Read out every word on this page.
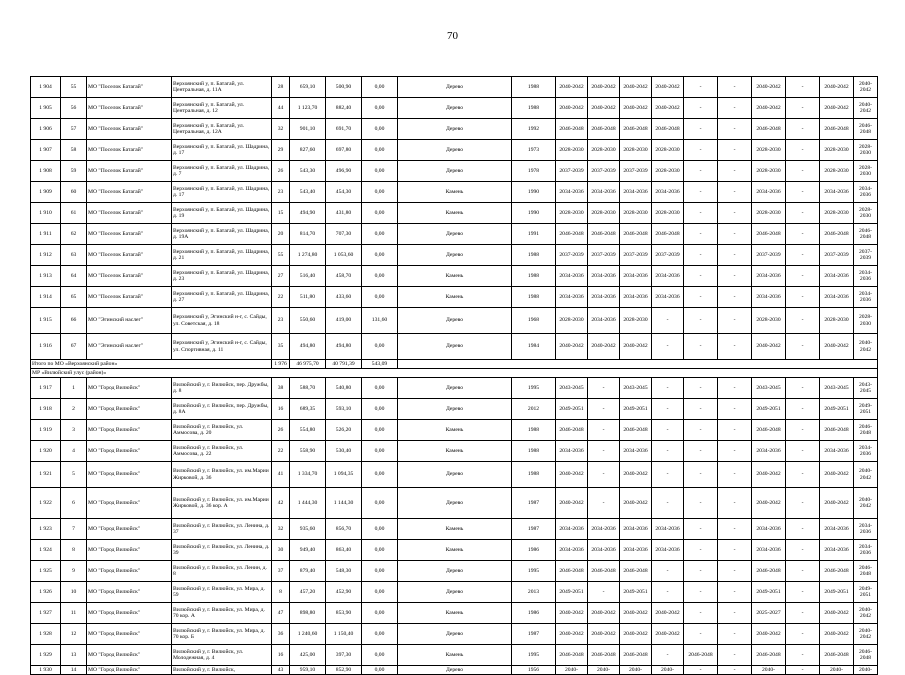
70
1 904	55	МО "Поселок Батагай"	Верхоянский у, п. Батагай, ул. Центральная, д. 11А	28	659,10	500,90	0,00	Дерево	1988	2040-2042	2040-2042	2040-2042	2040-2042	-	-	2040-2042	-	2040-2042	2040-2042
1 905	56	МО "Поселок Батагай"	Верхоянский у, п. Батагай, ул. Центральная, д. 12	44	1 123,70	882,40	0,00	Дерево	1988	2040-2042	2040-2042	2040-2042	2040-2042	-	-	2040-2042	-	2040-2042	2040-2042
1 906	57	МО "Поселок Батагай"	Верхоянский у, п. Батагай, ул. Центральная, д. 12А	32	901,10	691,70	0,00	Дерево	1992	2046-2048	2046-2048	2046-2048	2046-2048	-	-	2046-2048	-	2046-2048	2046-2048
1 907	58	МО "Поселок Батагай"	Верхоянский у, п. Батагай, ул. Шадрина, д. 17	29	827,60	697,80	0,00	Дерево	1973	2028-2030	2028-2030	2028-2030	2028-2030	-	-	2028-2030	-	2028-2030	2028-2030
1 908	59	МО "Поселок Батагай"	Верхоянский у, п. Батагай, ул. Шадрина, д. 7	26	543,30	496,90	0,00	Дерево	1978	2037-2039	2037-2039	2037-2039	2028-2030	-	-	2028-2030	-	2028-2030	2028-2030
1 909	60	МО "Поселок Батагай"	Верхоянский у, п. Батагай, ул. Шадрина, д. 17	23	543,40	454,30	0,00	Камень	1990	2034-2036	2034-2036	2034-2036	2034-2036	-	-	2034-2036	-	2034-2036	2034-2036
1 910	61	МО "Поселок Батагай"	Верхоянский у, п. Батагай, ул. Шадрина, д. 19	15	494,90	431,80	0,00	Камень	1990	2028-2030	2028-2030	2028-2030	2028-2030	-	-	2028-2030	-	2028-2030	2028-2030
1 911	62	МО "Поселок Батагай"	Верхоянский у, п. Батагай, ул. Шадрина, д. 19А	20	814,70	707,30	0,00	Дерево	1991	2046-2048	2046-2048	2046-2048	2046-2048	-	-	2046-2048	-	2046-2048	2046-2048
1 912	63	МО "Поселок Батагай"	Верхоянский у, п. Батагай, ул. Шадрина, д. 21	55	1 274,80	1 053,60	0,00	Дерево	1988	2037-2039	2037-2039	2037-2039	2037-2039	-	-	2037-2039	-	2037-2039	2037-2039
1 913	64	МО "Поселок Батагай"	Верхоянский у, п. Батагай, ул. Шадрина, д. 23	27	516,40	458,70	0,00	Камень	1988	2034-2036	2034-2036	2034-2036	2034-2036	-	-	2034-2036	-	2034-2036	2034-2036
1 914	65	МО "Поселок Батагай"	Верхоянский у, п. Батагай, ул. Шадрина, д. 27	22	511,80	433,60	0,00	Камень	1988	2034-2036	2034-2036	2034-2036	2034-2036	-	-	2034-2036	-	2034-2036	2034-2036
1 915	66	МО "Эгинский наслег"	Верхоянский у, Эгинский н-г, с. Сайды, ул. Советская, д. 18	23	550,60	419,00	131,60	Дерево	1968	2028-2030	2034-2036	2028-2030	-	-	-	2028-2030	-	2028-2030	2028-2030
1 916	67	МО "Эгинский наслег"	Верхоянский у, Эгинский н-г, с. Сайды, ул. Спортивная, д. 11	35	494,80	494,80	0,00	Дерево	1984	2040-2042	2040-2042	2040-2042	-	-	-	2040-2042	-	2040-2042	2040-2042
Итого по МО «Верхоянский район»				1 976	46 975,70	40 791,39	543,09												
МР «Вилюйский улус (район)»																			
1 917	1	МО "Город Вилюйск"	Вилюйский у, г. Вилюйск, пер. Дружбы, д. 8	38	588,70	540,80	0,00	Дерево	1995	2043-2045	-	2043-2045	-	-	-	2043-2045	-	2043-2045	2043-2045
1 918	2	МО "Город Вилюйск"	Вилюйский у, г. Вилюйск, пер. Дружбы, д. 8А	16	689,35	593,10	0,00	Дерево	2012	2049-2051	-	2049-2051	-	-	-	2049-2051	-	2049-2051	2049-2051
1 919	3	МО "Город Вилюйск"	Вилюйский у, г. Вилюйск, ул. Аммосова, д. 20	26	554,80	526,20	0,00	Камень	1988	2046-2048	-	2046-2048	-	-	-	2046-2048	-	2046-2048	2046-2048
1 920	4	МО "Город Вилюйск"	Вилюйский у, г. Вилюйск, ул. Аммосова, д. 22	22	558,90	530,40	0,00	Камень	1988	2034-2036	-	2034-2036	-	-	-	2034-2036	-	2034-2036	2034-2036
1 921	5	МО "Город Вилюйск"	Вилюйский у, г. Вилюйск, ул. им.Марии Жирковой, д. 36	41	1 334,70	1 094,35	0,00	Дерево	1988	2040-2042	-	2040-2042	-	-	-	2040-2042	-	2040-2042	2040-2042
1 922	6	МО "Город Вилюйск"	Вилюйский у, г. Вилюйск, ул. им.Марии Жирковой, д. 36 кор. А	42	1 444,30	1 144,30	0,00	Дерево	1987	2040-2042	-	2040-2042	-	-	-	2040-2042	-	2040-2042	2040-2042
1 923	7	МО "Город Вилюйск"	Вилюйский у, г. Вилюйск, ул. Ленина, д. 37	32	935,60	856,70	0,00	Камень	1987	2034-2036	2034-2036	2034-2036	2034-2036	-	-	2034-2036	-	2034-2036	2034-2036
1 924	8	МО "Город Вилюйск"	Вилюйский у, г. Вилюйск, ул. Ленина, д. 39	30	949,40	863,40	0,00	Камень	1986	2034-2036	2034-2036	2034-2036	2034-2036	-	-	2034-2036	-	2034-2036	2034-2036
1 925	9	МО "Город Вилюйск"	Вилюйский у, г. Вилюйск, ул. Ленин, д. 8	37	879,40	548,30	0,00	Дерево	1995	2046-2048	2046-2048	2046-2048	-	-	-	2046-2048	-	2046-2048	2046-2048
1 926	10	МО "Город Вилюйск"	Вилюйский у, г. Вилюйск, ул. Мира, д. 59	8	457,20	452,90	0,00	Дерево	2013	2049-2051	-	2049-2051	-	-	-	2049-2051	-	2049-2051	2049-2051
1 927	11	МО "Город Вилюйск"	Вилюйский у, г. Вилюйск, ул. Мира, д. 70 кор. А	47	898,80	853,90	0,00	Камень	1986	2040-2042	2040-2042	2040-2042	2040-2042	-	-	2025-2027	-	2040-2042	2040-2042
1 928	12	МО "Город Вилюйск"	Вилюйский у, г. Вилюйск, ул. Мира, д. 70 кор. Б	36	1 240,60	1 150,40	0,00	Дерево	1987	2040-2042	2040-2042	2040-2042	2040-2042	-	-	2040-2042	-	2040-2042	2040-2042
1 929	13	МО "Город Вилюйск"	Вилюйский у, г. Вилюйск, ул. Молодежная, д. 4	16	425,00	397,30	0,00	Камень	1995	2046-2048	2046-2048	2046-2048	-	2046-2048	-	2046-2048	-	2046-2048	2046-2048
1 930	14	МО "Город Вилюйск"	Вилюйский у, г. Вилюйск,	43	959,10	852,90	0,00	Дерево	1956	2040-	2040-	2040-	2040-	-	-	2040-	-	2040-	2040-
